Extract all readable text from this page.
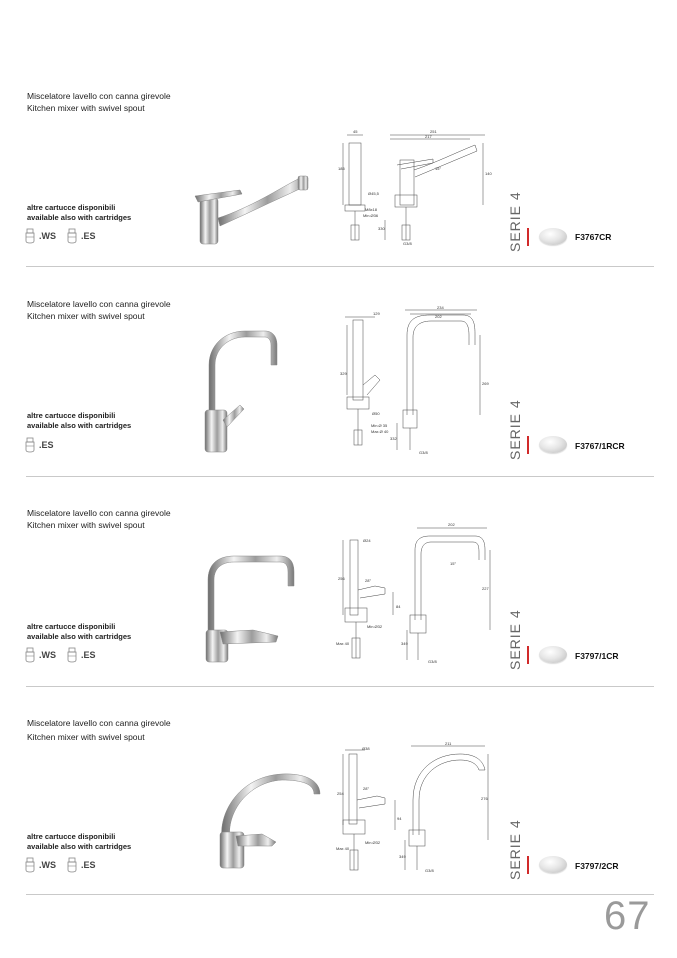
Miscelatore lavello con canna girevole
Kitchen mixer with swivel spout
altre cartucce disponibili
available also with cartridges
.WS	.ES
45	251
217
185	15°
140
Ø45,5
M8x18
Min.Ø36
330
G3/8	SERIE 4	F3767CR
Miscelatore lavello con canna girevole
Kitchen mixer with swivel spout
altre cartucce disponibili
available also with cartridges
.ES
129
234
202
329
269
Ø50
Min.Ø 35
Max.Ø 40
332
G3/8	SERIE 4	F3767/1RCR
Miscelatore lavello con canna girevole
Kitchen mixer with swivel spout
altre cartucce disponibili
available also with cartridges
.WS	.ES
Ø24
202
15°
256	28°
227
84
Max 40
Min.Ø32
349
G3/8	SERIE 4	F3797/1CR
Miscelatore lavello con canna girevole
Kitchen mixer with swivel spout
altre cartucce disponibili
available also with cartridges
.WS	.ES
Ø38
211
254
28°
276
94
Max 40
Min.Ø32
349
G3/8	SERIE 4	F3797/2CR
67
